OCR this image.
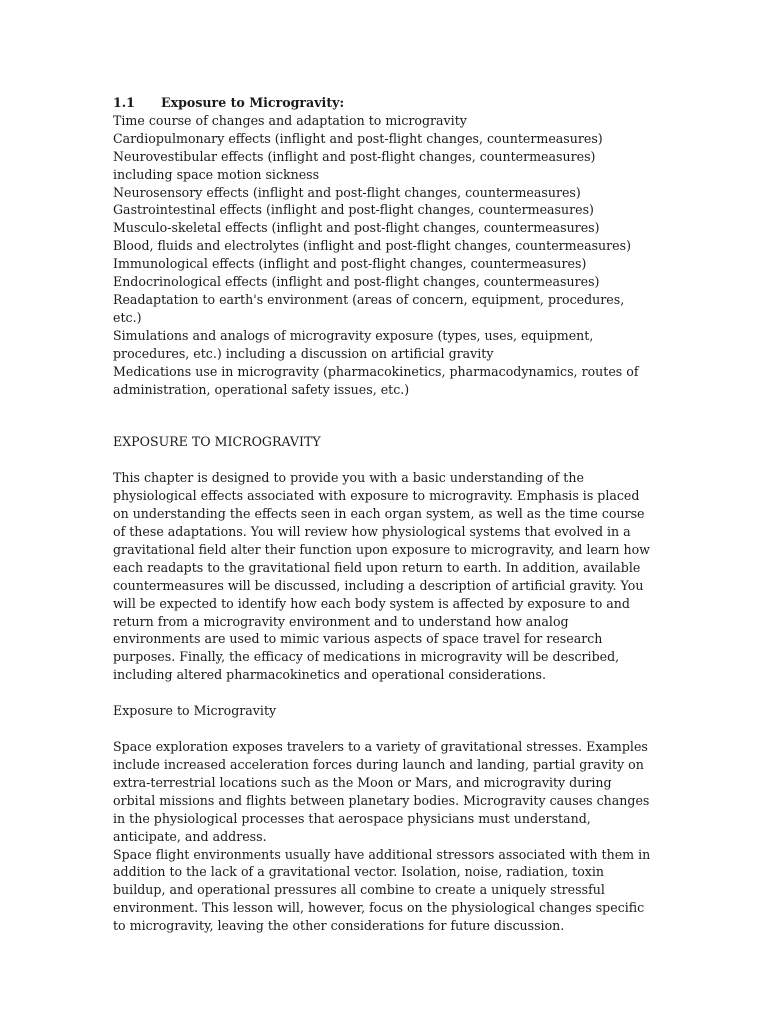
1.1 Exposure to Microgravity:

Time course of changes and adaptation to microgravity

Cardiopulmonary effects (inflight and post-flight changes, countermeasures)

Neurovestibular effects (inflight and post-flight changes, countermeasures) including space motion sickness

Neurosensory effects (inflight and post-flight changes, countermeasures)

Gastrointestinal effects (inflight and post-flight changes, countermeasures)

Musculo-skeletal effects (inflight and post-flight changes, countermeasures)

Blood, fluids and electrolytes (inflight and post-flight changes, countermeasures)

Immunological effects (inflight and post-flight changes, countermeasures)

Endocrinological effects (inflight and post-flight changes, countermeasures)

Readaptation to earth's environment (areas of concern, equipment, procedures, etc.)

Simulations and analogs of microgravity exposure (types, uses, equipment, procedures, etc.) including a discussion on artificial gravity

Medications use in microgravity (pharmacokinetics, pharmacodynamics, routes of administration, operational safety issues, etc.)

EXPOSURE TO MICROGRAVITY

This chapter is designed to provide you with a basic understanding of the physiological effects associated with exposure to microgravity. Emphasis is placed on understanding the effects seen in each organ system, as well as the time course of these adaptations. You will review how physiological systems that evolved in a gravitational field alter their function upon exposure to microgravity, and learn how each readapts to the gravitational field upon return to earth. In addition, available countermeasures will be discussed, including a description of artificial gravity. You will be expected to identify how each body system is affected by exposure to and return from a microgravity environment and to understand how analog environments are used to mimic various aspects of space travel for research purposes. Finally, the efficacy of medications in microgravity will be described, including altered pharmacokinetics and operational considerations.

Exposure to Microgravity

Space exploration exposes travelers to a variety of gravitational stresses. Examples include increased acceleration forces during launch and landing, partial gravity on extra-terrestrial locations such as the Moon or Mars, and microgravity during orbital missions and flights between planetary bodies. Microgravity causes changes in the physiological processes that aerospace physicians must understand, anticipate, and address.

Space flight environments usually have additional stressors associated with them in addition to the lack of a gravitational vector. Isolation, noise, radiation, toxin buildup, and operational pressures all combine to create a uniquely stressful environment. This lesson will, however, focus on the physiological changes specific to microgravity, leaving the other considerations for future discussion.
